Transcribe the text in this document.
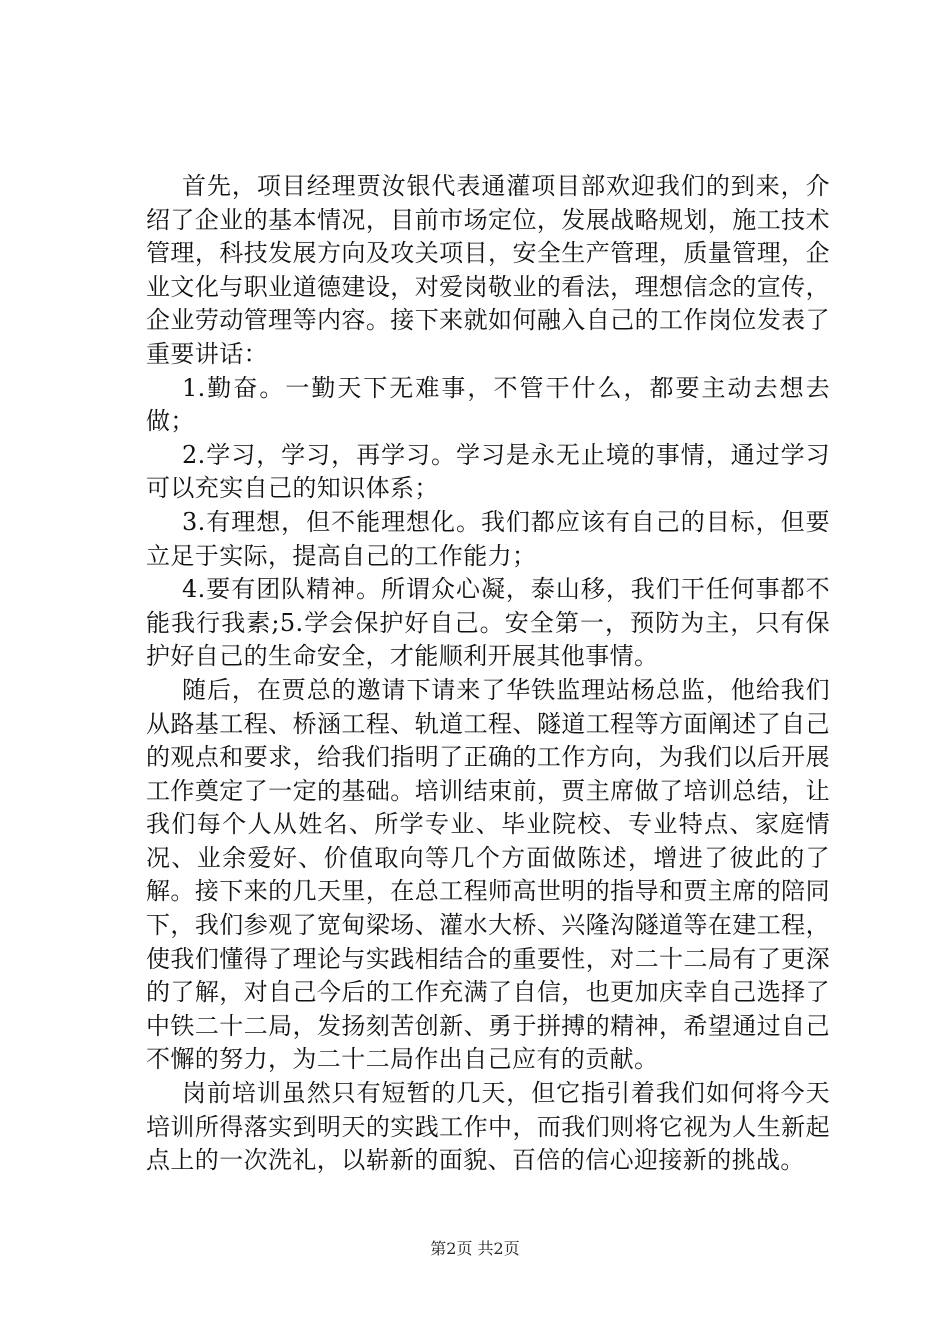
首先，项目经理贾汝银代表通灌项目部欢迎我们的到来，介绍了企业的基本情况，目前市场定位，发展战略规划，施工技术管理，科技发展方向及攻关项目，安全生产管理，质量管理，企业文化与职业道德建设，对爱岗敬业的看法，理想信念的宣传，企业劳动管理等内容。接下来就如何融入自己的工作岗位发表了重要讲话：

1.勤奋。一勤天下无难事，不管干什么，都要主动去想去做；

2.学习，学习，再学习。学习是永无止境的事情，通过学习可以充实自己的知识体系；

3.有理想，但不能理想化。我们都应该有自己的目标，但要立足于实际，提高自己的工作能力；

4.要有团队精神。所谓众心凝，泰山移，我们干任何事都不能我行我素;5.学会保护好自己。安全第一，预防为主，只有保护好自己的生命安全，才能顺利开展其他事情。

随后，在贾总的邀请下请来了华铁监理站杨总监，他给我们从路基工程、桥涵工程、轨道工程、隧道工程等方面阐述了自己的观点和要求，给我们指明了正确的工作方向，为我们以后开展工作奠定了一定的基础。培训结束前，贾主席做了培训总结，让我们每个人从姓名、所学专业、毕业院校、专业特点、家庭情况、业余爱好、价值取向等几个方面做陈述，增进了彼此的了解。接下来的几天里，在总工程师高世明的指导和贾主席的陪同下，我们参观了宽甸梁场、灌水大桥、兴隆沟隧道等在建工程，使我们懂得了理论与实践相结合的重要性，对二十二局有了更深的了解，对自己今后的工作充满了自信，也更加庆幸自己选择了中铁二十二局，发扬刻苦创新、勇于拼搏的精神，希望通过自己不懈的努力，为二十二局作出自己应有的贡献。

岗前培训虽然只有短暂的几天，但它指引着我们如何将今天培训所得落实到明天的实践工作中，而我们则将它视为人生新起点上的一次洗礼，以崭新的面貌、百倍的信心迎接新的挑战。

第2页 共2页
